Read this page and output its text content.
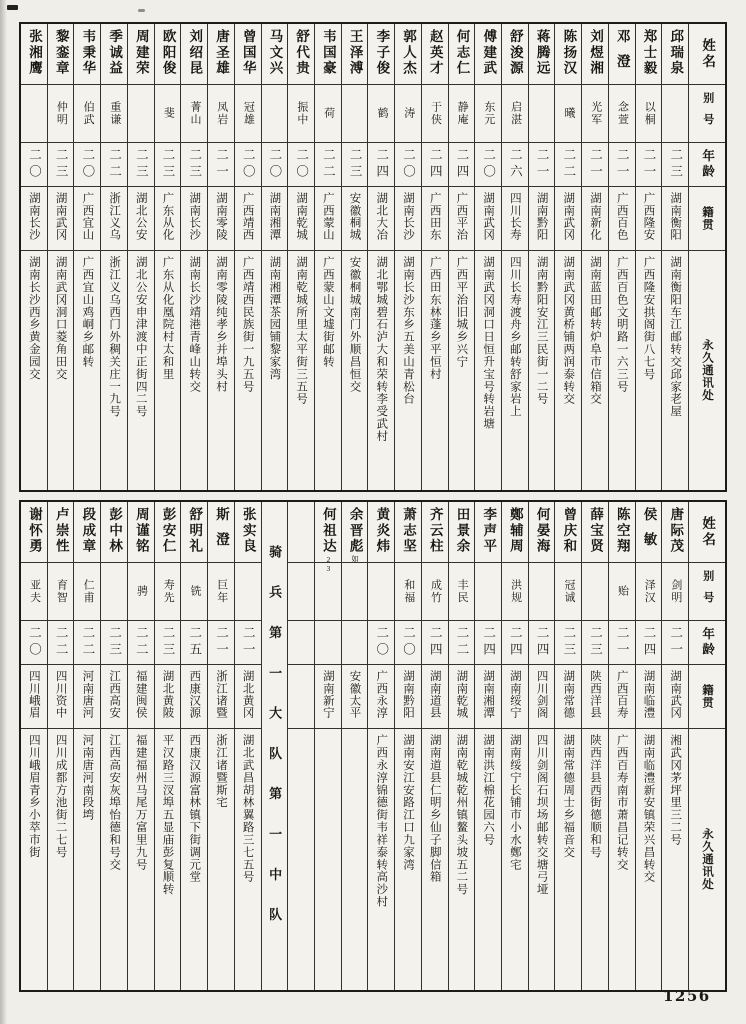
姓名
别号
年龄
籍贯
永久通讯处
邱瑞泉
二三
湖南衡阳
湖南衡阳车江邮转交邱家老屋
郑士毅
以桐
二一
广西隆安
广西隆安拱阁街八七号
邓澄
念萱
二一
广西百色
广西百色文明路一六三号
刘煜湘
光军
二一
湖南新化
湖南蓝田邮转炉阜市信箱交
陈扬汉
曦
二二
湖南武冈
湖南武冈黄桥铺两润泰转交
蒋腾远
二一
湖南黔阳
湖南黔阳安江三民街一二号
舒浚源
启湛
二六
四川长寿
四川长寿渡舟乡邮转舒家岩上
傅建武
东元
二〇
湖南武冈
湖南武冈洞口日恒升宝号转岩塘
何志仁
静庵
二四
广西平治
广西平治旧城乡兴宁
赵英才
于侠
二四
广西田东
广西田东林蓬乡平恒村
郭人杰
涛
二〇
湖南长沙
湖南长沙东乡五美山青松台
李子俊
鹤
二四
湖北大冶
湖北鄂城碧石泸大和荣转李受武村
王泽溥
二三
安徽桐城
安徽桐城南门外顺昌恒交
韦国豪
荷
二二
广西蒙山
广西蒙山文墟街邮转
舒代贵
振中
二〇
湖南乾城
湖南乾城所里太平街三五号
马文兴
二〇
湖南湘潭
湖南湘潭茶园铺黎家湾
曾国华
冠雄
二〇
广西靖西
广西靖西民族街一九五号
唐圣雄
凤岩
二一
湖南零陵
湖南零陵纯孝乡并埠头村
刘绍昆
菁山
二三
湖南长沙
湖南长沙靖港青峰山转交
欧阳俊
斐
二三
广东从化
广东从化凰院村太和里
周建荣
二三
湖北公安
湖北公安申津渡中正街四二号
季诚益
重谦
二二
浙江义乌
浙江义乌西门外稠关庄一九号
韦秉华
伯武
二〇
广西宜山
广西宜山鸡峒乡邮转
黎銮章
仲明
二三
湖南武冈
湖南武冈洞口菱角田交
张湘鹰
二〇
湖南长沙
湖南长沙西乡黄金园交
姓名
别号
年龄
籍贯
永久通讯处
唐际茂
剑明
二一
湖南武冈
湘武冈茅坪里三二号
侯敏
泽汉
二四
湖南临澧
湖南临澧新安镇荣兴昌转交
陈空翔
贻
二一
广西百寿
广西百寿南市萧昌记转交
薛宝贤
二三
陕西洋县
陕西洋县西街德顺和号
曾庆和
冠诚
二三
湖南常德
湖南常德周士乡福音交
何晏海
二四
四川剑阁
四川剑阁石坝场邮转交塘弓垭
鄭辅周
洪规
二四
湖南绥宁
湖南绥宁长铺市小水鄭宅
李声平
二四
湖南湘潭
湖南洪江棉花园六号
田景余
丰民
二二
湖南乾城
湖南乾城乾州镇鳌头坡五二号
齐云柱
成竹
二四
湖南道县
湖南道县仁明乡仙子脚信箱
萧志坚
和福
二〇
湖南黔阳
湖南安江安路江口九家湾
黄炎炜
二〇
广西永淳
广西永淳锦德街韦祥泰转高沙村
余晋彪如
安徽太平
何祖达23
湖南新宁
骑兵第一大队第一中队
张实良
二一
湖北黄冈
湖北武昌胡林翼路三七五号
斯澄
巨年
二一
浙江诸暨
浙江诸暨斯宅
舒明礼
铣
二五
西康汉源
西康汉源富林镇下街调元堂
彭安仁
寿先
二三
湖北黄陂
平汉路三汊埠五显庙彭复顺转
周谨铭
骋
二二
福建闽侯
福建福州马尾万富里九号
彭中林
二三
江西高安
江西高安灰埠怡德和号交
段成章
仁甫
二二
河南唐河
河南唐河南段塆
卢崇性
育智
二二
四川资中
四川成都方池街二七号
谢怀勇
亚夫
二〇
四川峨眉
四川峨眉青乡小萃市街
1256
